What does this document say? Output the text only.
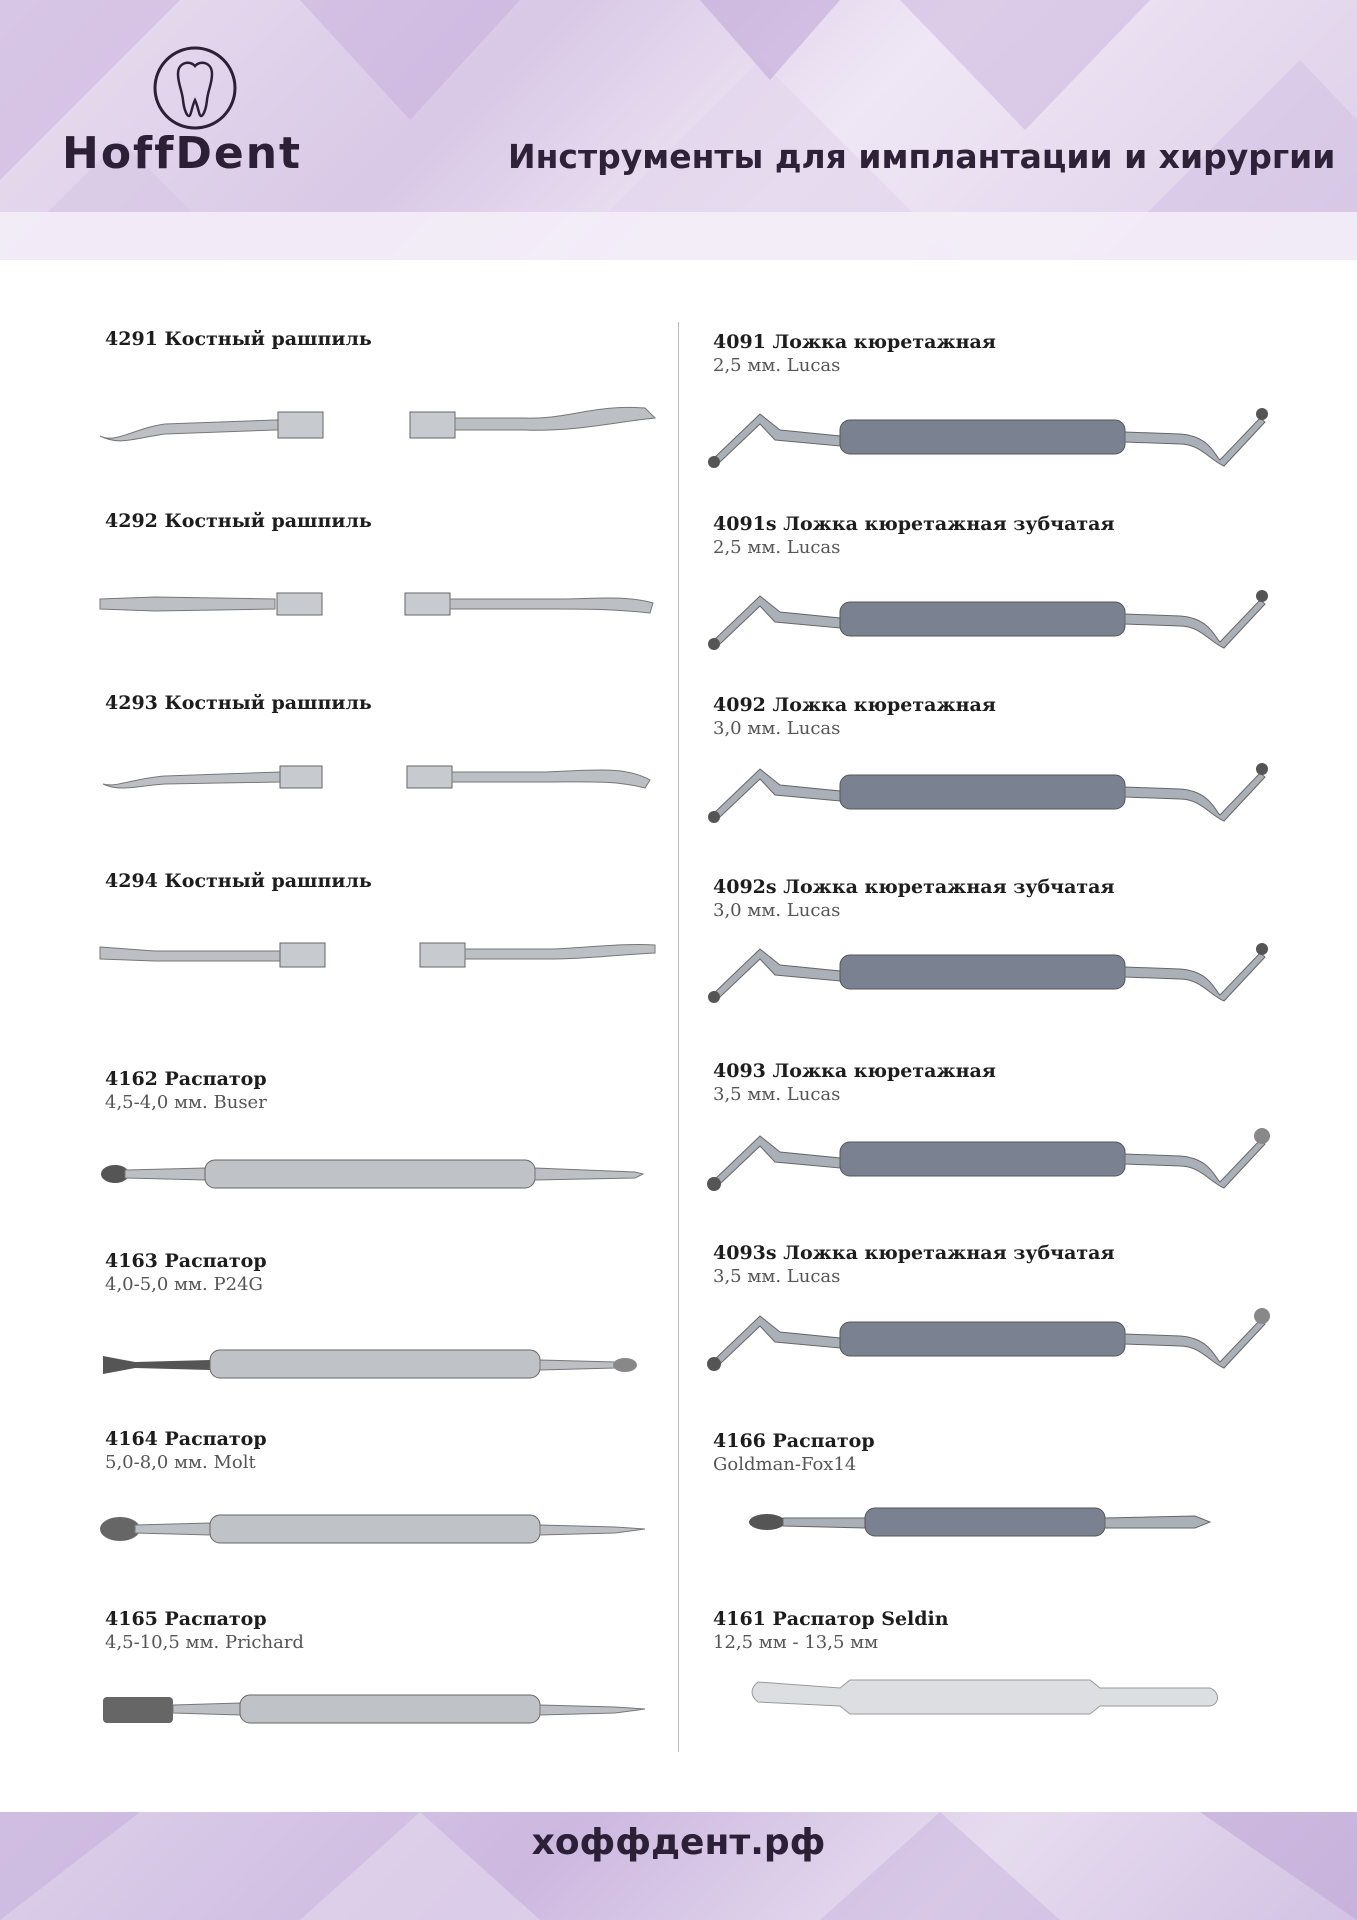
HoffDent	Инструменты для имплантации и хирургии
4291 Костный рашпиль
4292 Костный рашпиль
4293 Костный рашпиль
4294 Костный рашпиль
4162 Распатор
4,5-4,0 мм. Buser
4163 Распатор
4,0-5,0 мм. P24G
4164 Распатор
5,0-8,0 мм. Molt
4165 Распатор
4,5-10,5 мм. Prichard
4091 Ложка кюретажная
2,5 мм. Lucas
4091s Ложка кюретажная зубчатая
2,5 мм. Lucas
4092 Ложка кюретажная
3,0 мм. Lucas
4092s Ложка кюретажная зубчатая
3,0 мм. Lucas
4093 Ложка кюретажная
3,5 мм. Lucas
4093s Ложка кюретажная зубчатая
3,5 мм. Lucas
4166 Распатор
Goldman-Fox14
4161 Распатор Seldin
12,5 мм - 13,5 мм
хоффдент.рф
